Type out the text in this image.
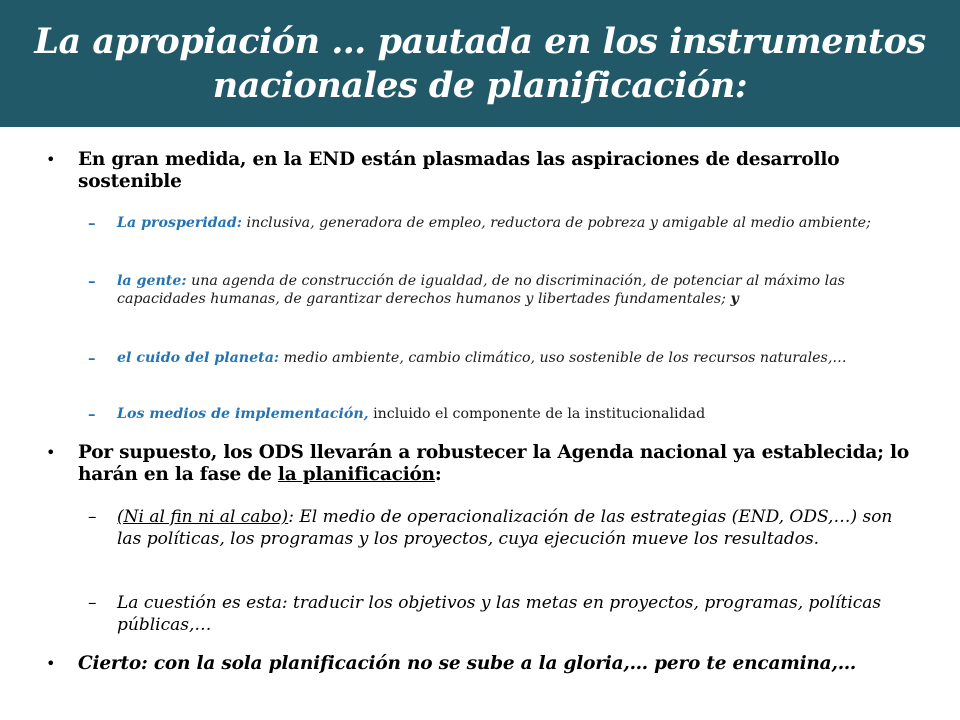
La apropiación … pautada en los instrumentos
nacionales de planificación:
• En gran medida, en la END están plasmadas las aspiraciones de desarrollo sostenible
– La prosperidad: inclusiva, generadora de empleo, reductora de pobreza y amigable al medio ambiente;
– la gente: una agenda de construcción de igualdad, de no discriminación, de potenciar al máximo las capacidades humanas, de garantizar derechos humanos y libertades fundamentales; y
– el cuido del planeta: medio ambiente, cambio climático, uso sostenible de los recursos naturales,…
– Los medios de implementación, incluido el componente de la institucionalidad
• Por supuesto, los ODS llevarán a robustecer la Agenda nacional ya establecida; lo harán en la fase de la planificación:
– (Ni al fin ni al cabo): El medio de operacionalización de las estrategias (END, ODS,…) son las políticas, los programas y los proyectos, cuya ejecución mueve los resultados.
– La cuestión es esta: traducir los objetivos y las metas en proyectos, programas, políticas públicas,…
• Cierto: con la sola planificación no se sube a la gloria,… pero te encamina,…
